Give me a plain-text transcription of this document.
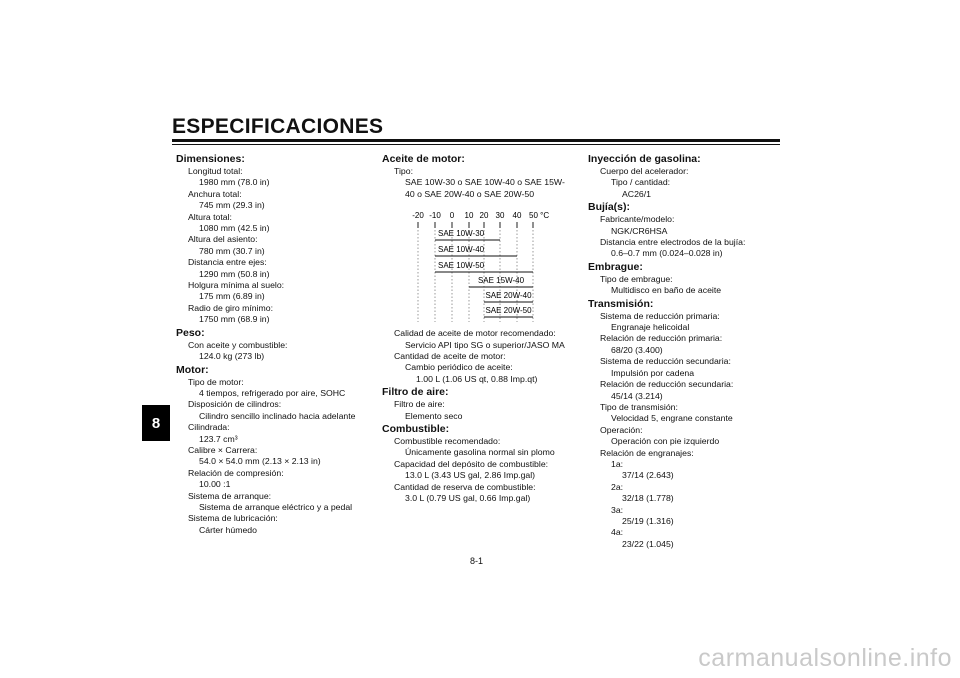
ESPECIFICACIONES
8
Dimensiones:
Longitud total:
1980 mm (78.0 in)
Anchura total:
745 mm (29.3 in)
Altura total:
1080 mm (42.5 in)
Altura del asiento:
780 mm (30.7 in)
Distancia entre ejes:
1290 mm (50.8 in)
Holgura mínima al suelo:
175 mm (6.89 in)
Radio de giro mínimo:
1750 mm (68.9 in)
Peso:
Con aceite y combustible:
124.0 kg (273 lb)
Motor:
Tipo de motor:
4 tiempos, refrigerado por aire, SOHC
Disposición de cilindros:
Cilindro sencillo inclinado hacia adelante
Cilindrada:
123.7 cm³
Calibre × Carrera:
54.0 × 54.0 mm (2.13 × 2.13 in)
Relación de compresión:
10.00 :1
Sistema de arranque:
Sistema de arranque eléctrico y a pedal
Sistema de lubricación:
Cárter húmedo
Aceite de motor:
Tipo:
SAE 10W-30 o SAE 10W-40 o SAE 15W-
40 o SAE 20W-40 o SAE 20W-50
-20 -10 0 10 20 30 40 50 °C
SAE 10W-30
SAE 10W-40
SAE 10W-50
SAE 15W-40
SAE 20W-40
SAE 20W-50
Calidad de aceite de motor recomendado:
Servicio API tipo SG o superior/JASO MA
Cantidad de aceite de motor:
Cambio periódico de aceite:
1.00 L (1.06 US qt, 0.88 Imp.qt)
Filtro de aire:
Filtro de aire:
Elemento seco
Combustible:
Combustible recomendado:
Únicamente gasolina normal sin plomo
Capacidad del depósito de combustible:
13.0 L (3.43 US gal, 2.86 Imp.gal)
Cantidad de reserva de combustible:
3.0 L (0.79 US gal, 0.66 Imp.gal)
Inyección de gasolina:
Cuerpo del acelerador:
Tipo / cantidad:
AC26/1
Bujía(s):
Fabricante/modelo:
NGK/CR6HSA
Distancia entre electrodos de la bujía:
0.6–0.7 mm (0.024–0.028 in)
Embrague:
Tipo de embrague:
Multidisco en baño de aceite
Transmisión:
Sistema de reducción primaria:
Engranaje helicoidal
Relación de reducción primaria:
68/20 (3.400)
Sistema de reducción secundaria:
Impulsión por cadena
Relación de reducción secundaria:
45/14 (3.214)
Tipo de transmisión:
Velocidad 5, engrane constante
Operación:
Operación con pie izquierdo
Relación de engranajes:
1a:
37/14 (2.643)
2a:
32/18 (1.778)
3a:
25/19 (1.316)
4a:
23/22 (1.045)
8-1
carmanualsonline.info
